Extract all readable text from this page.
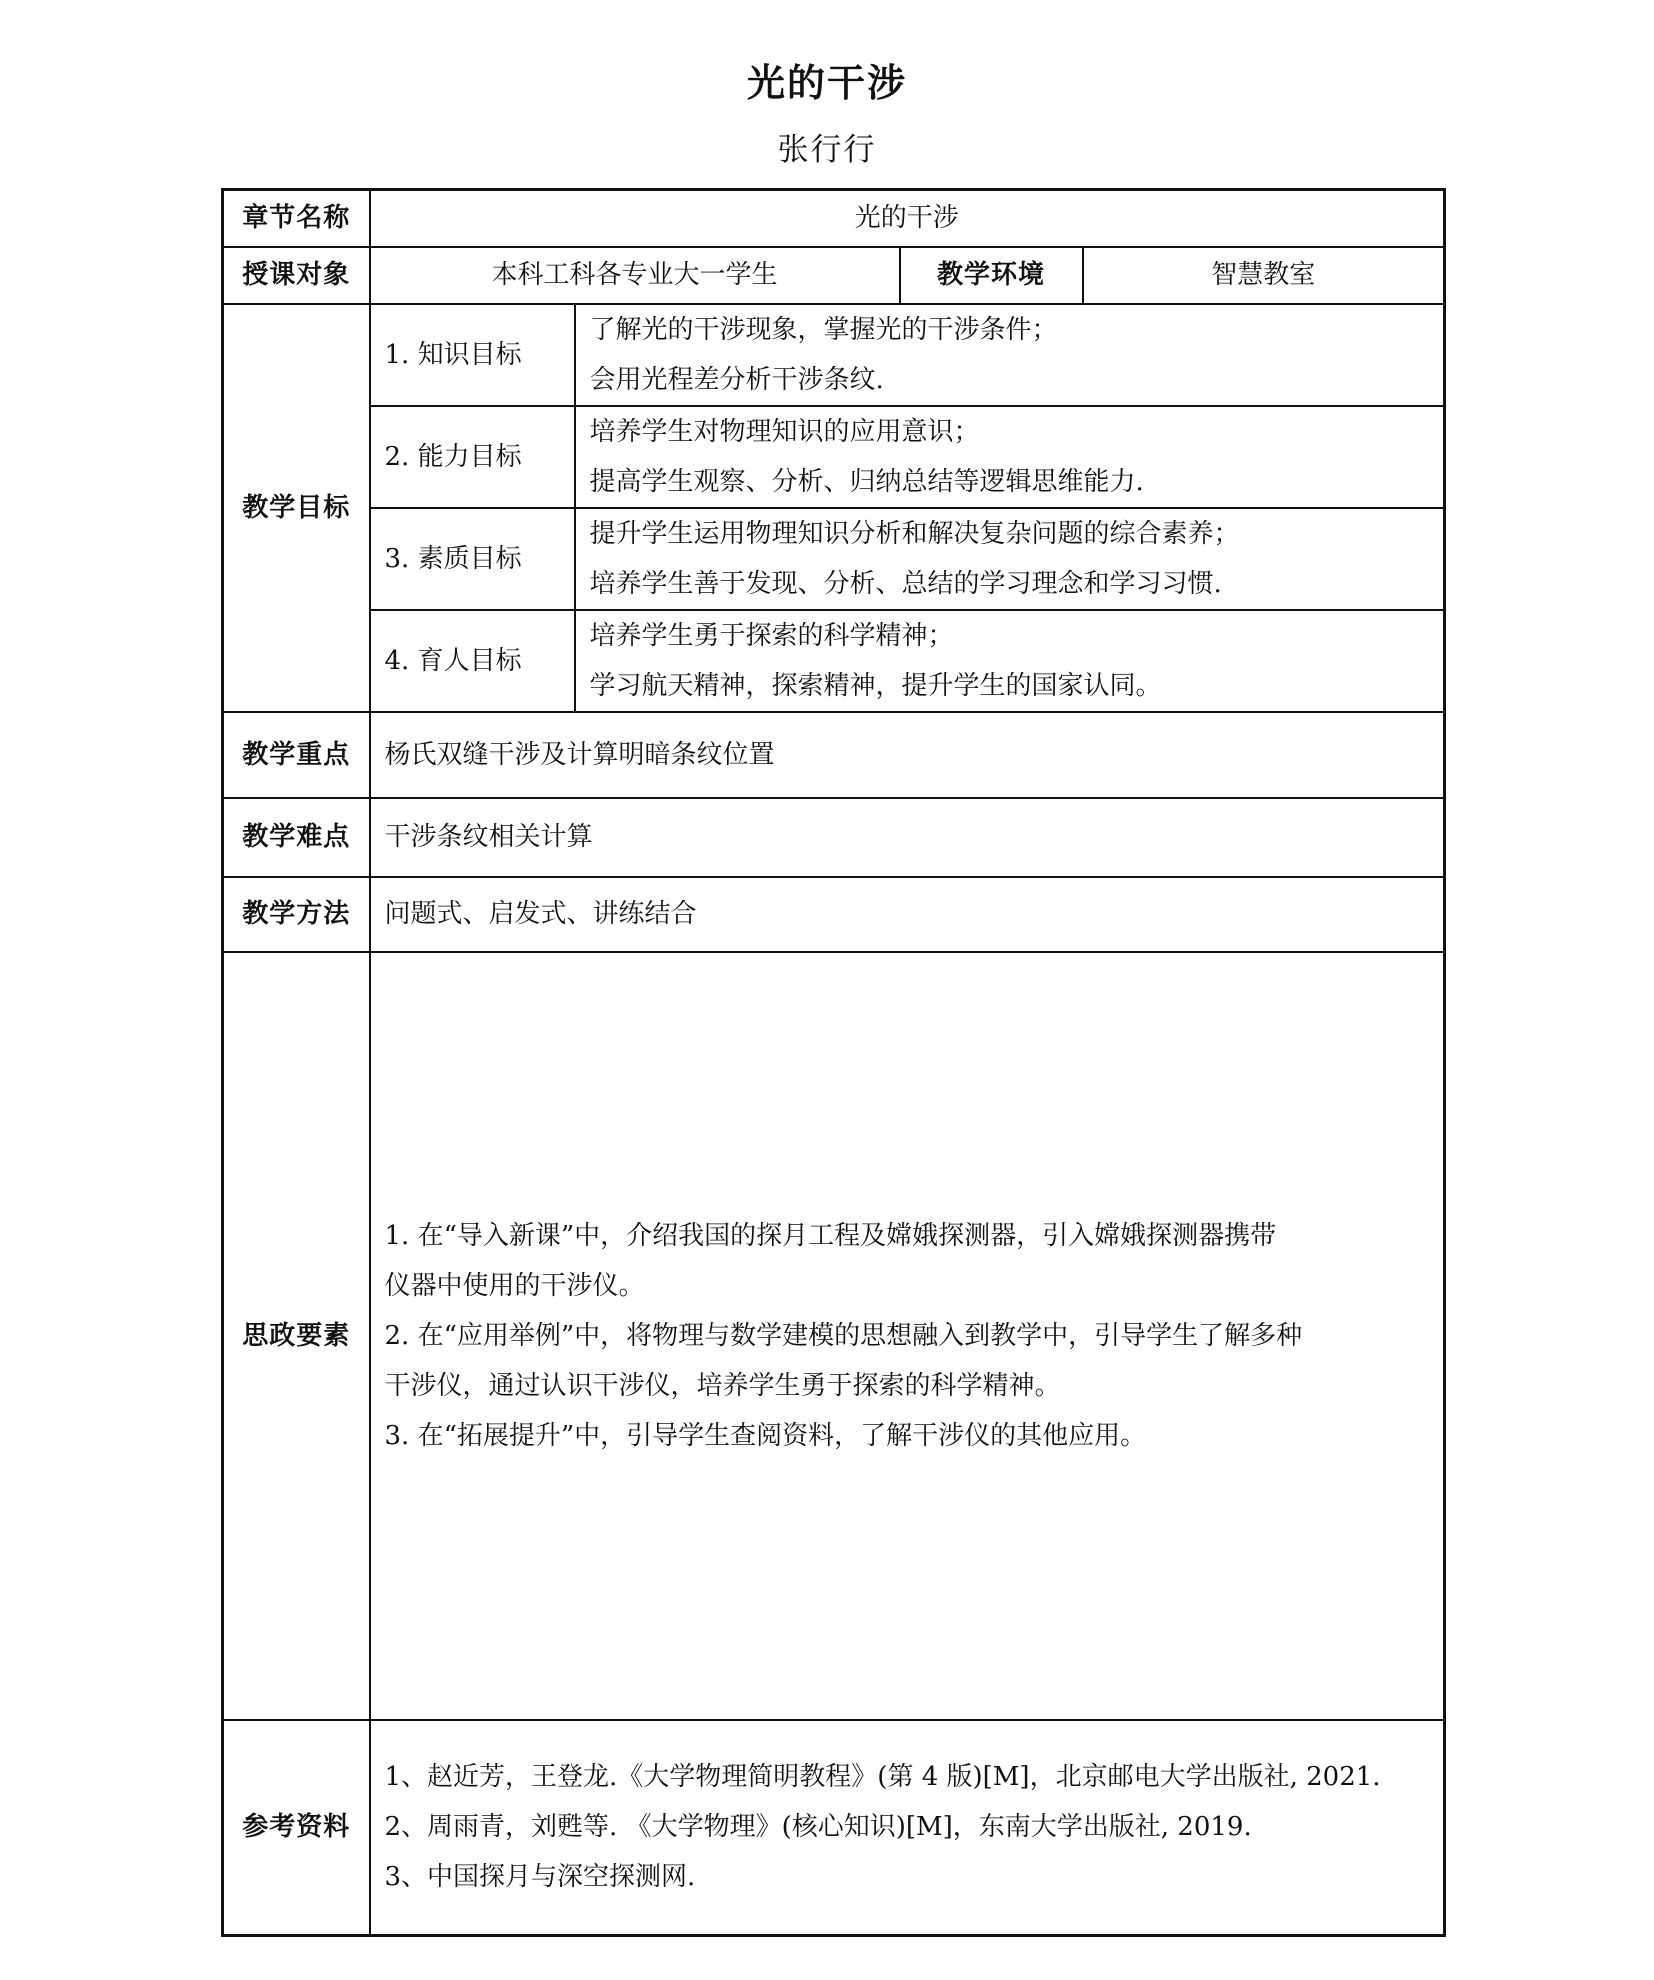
光的干涉
张行行
章节名称	光的干涉			
授课对象	本科工科各专业大一学生		教学环境	智慧教室
教学目标	1. 知识目标	了解光的干涉现象，掌握光的干涉条件；
会用光程差分析干涉条纹.		

	2. 能力目标	培养学生对物理知识的应用意识；
提高学生观察、分析、归纳总结等逻辑思维能力.		

	3. 素质目标	提升学生运用物理知识分析和解决复杂问题的综合素养；
培养学生善于发现、分析、总结的学习理念和学习习惯.		

	4. 育人目标	培养学生勇于探索的科学精神；
学习航天精神，探索精神，提升学生的国家认同。		

教学重点	杨氏双缝干涉及计算明暗条纹位置			
教学难点	干涉条纹相关计算			
教学方法	问题式、启发式、讲练结合			
思政要素	1. 在“导入新课”中，介绍我国的探月工程及嫦娥探测器，引入嫦娥探测器携带
仪器中使用的干涉仪。
2. 在“应用举例”中，将物理与数学建模的思想融入到教学中，引导学生了解多种
干涉仪，通过认识干涉仪，培养学生勇于探索的科学精神。
3. 在“拓展提升”中，引导学生查阅资料，了解干涉仪的其他应用。			

参考资料	1、赵近芳，王登龙.《大学物理简明教程》(第 4 版)[M]，北京邮电大学出版社, 2021.
2、周雨青，刘甦等. 《大学物理》(核心知识)[M]，东南大学出版社, 2019.
3、中国探月与深空探测网.			
